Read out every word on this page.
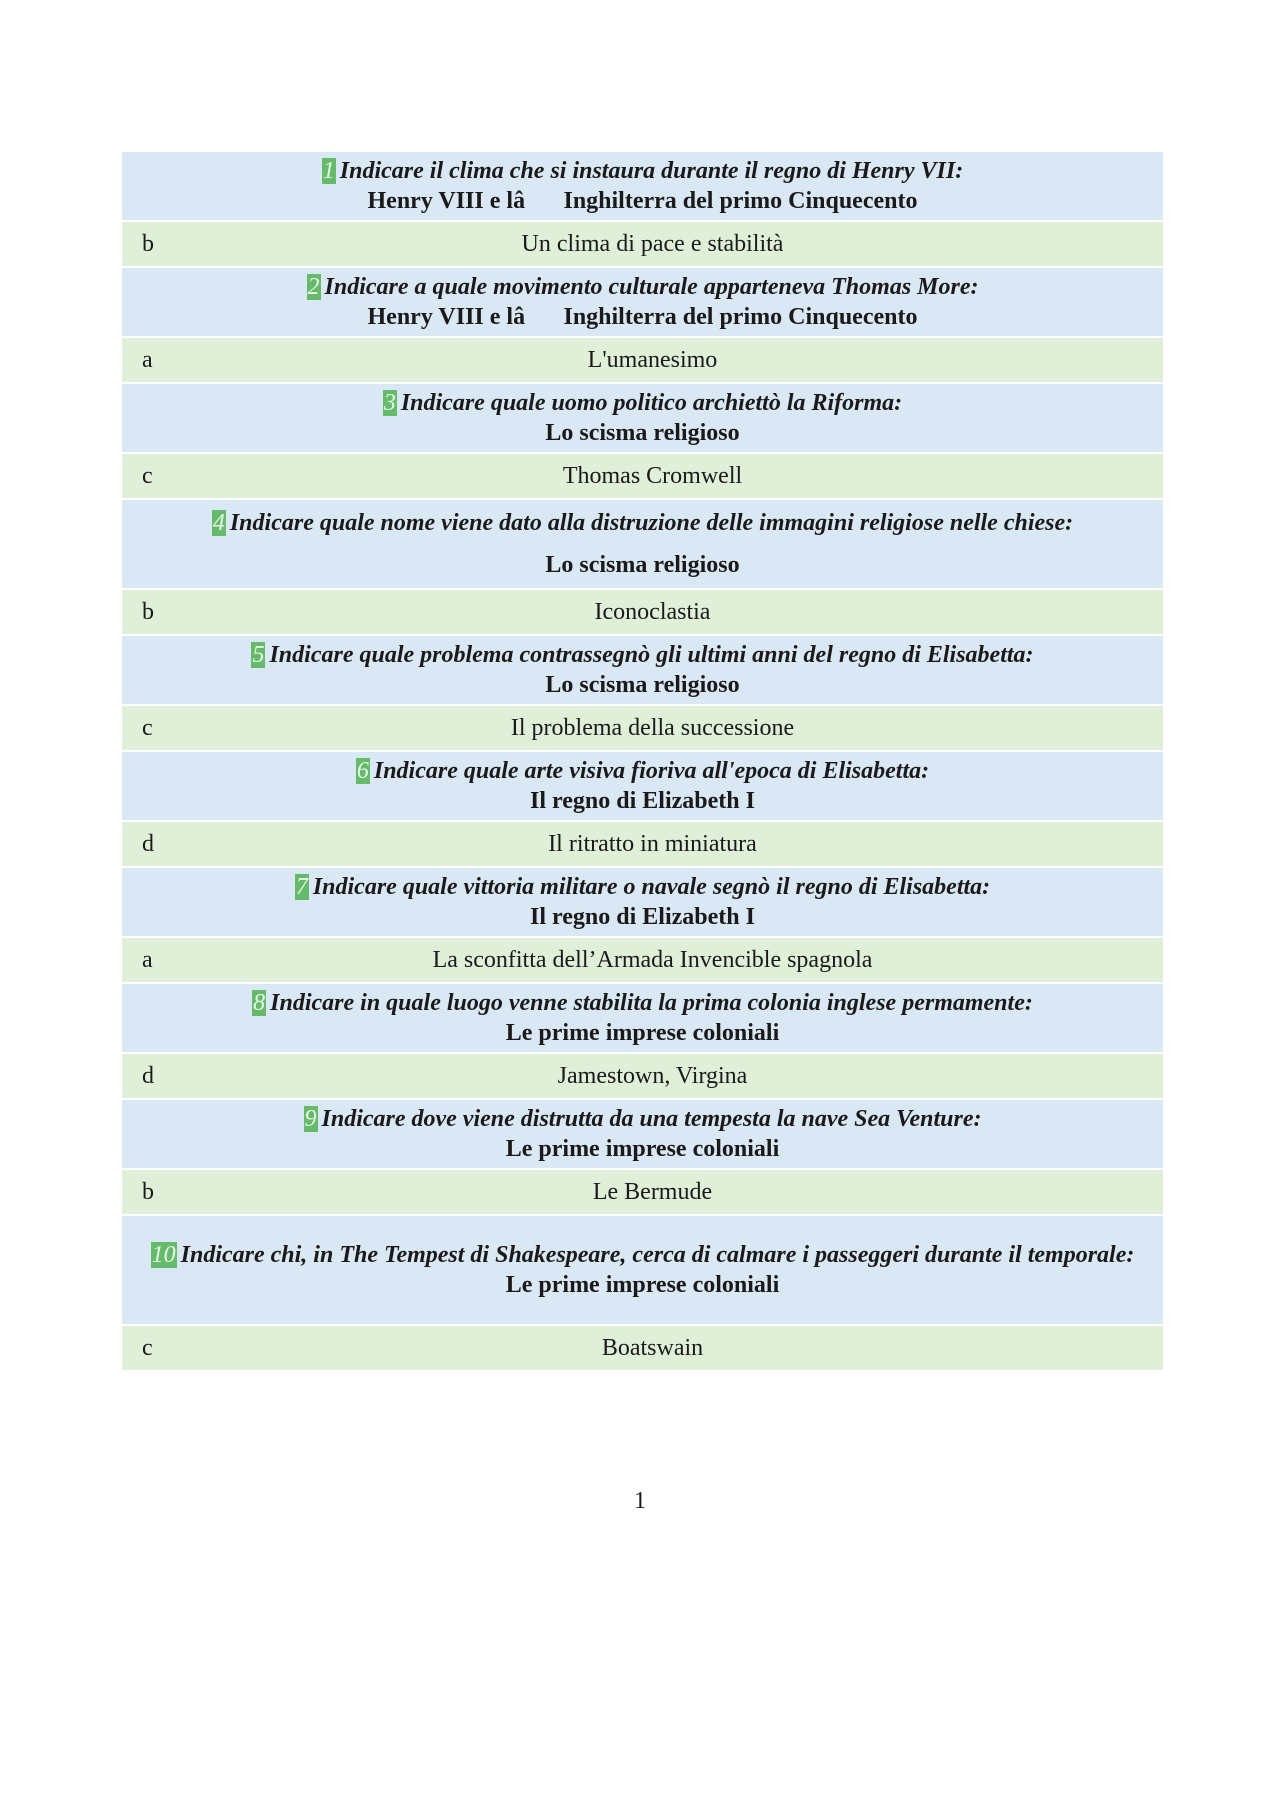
1 Indicare il clima che si instaura durante il regno di Henry VII:
Henry VIII e lâInghilterra del primo Cinquecento
b	Un clima di pace e stabilità
2 Indicare a quale movimento culturale apparteneva Thomas More:
Henry VIII e lâInghilterra del primo Cinquecento
a	L'umanesimo
3 Indicare quale uomo politico archiettò la Riforma:
Lo scisma religioso
c	Thomas Cromwell
4 Indicare quale nome viene dato alla distruzione delle immagini religiose nelle chiese:
Lo scisma religioso
b	Iconoclastia
5 Indicare quale problema contrassegnò gli ultimi anni del regno di Elisabetta:
Lo scisma religioso
c	Il problema della successione
6 Indicare quale arte visiva fioriva all'epoca di Elisabetta:
Il regno di Elizabeth I
d	Il ritratto in miniatura
7 Indicare quale vittoria militare o navale segnò il regno di Elisabetta:
Il regno di Elizabeth I
a	La sconfitta dell’Armada Invencible spagnola
8 Indicare in quale luogo venne stabilita la prima colonia inglese permamente:
Le prime imprese coloniali
d	Jamestown, Virgina
9 Indicare dove viene distrutta da una tempesta la nave Sea Venture:
Le prime imprese coloniali
b	Le Bermude
10 Indicare chi, in The Tempest di Shakespeare, cerca di calmare i passeggeri durante il temporale:
Le prime imprese coloniali
c	Boatswain
1
